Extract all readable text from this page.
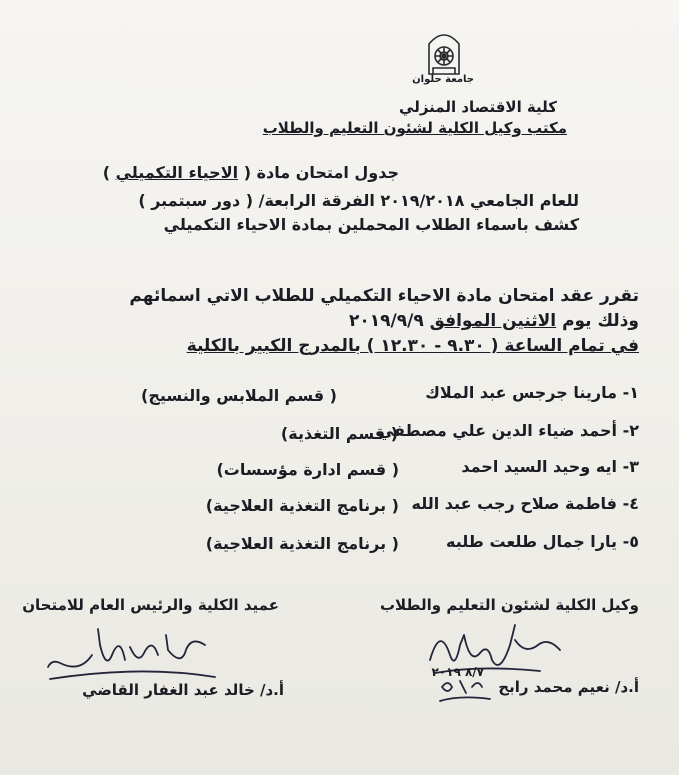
جامعة حلوان
كلية الاقتصاد المنزلي
مكتب وكيل الكلية لشئون التعليم والطلاب
جدول امتحان مادة ( الاحياء التكميلي )
للعام الجامعي ٢٠١٩/٢٠١٨ الفرقة الرابعة/ ( دور سبتمبر )
كشف باسماء الطلاب المحملين بمادة الاحياء التكميلي
تقرر عقد امتحان مادة الاحياء التكميلي للطلاب الاتي اسمائهم
وذلك يوم الاثنين الموافق ٢٠١٩/٩/٩
في تمام الساعة ( ٩.٣٠ - ١٢.٣٠ ) بالمدرج الكبير بالكلية
١- مارينا جرجس عبد الملاك
( قسم الملابس والنسيج)
٢- أحمد ضياء الدين علي مصطفي
( قسم التغذية)
٣- ايه وحيد السيد احمد
( قسم ادارة مؤسسات)
٤- فاطمة صلاح رجب عبد الله
( برنامج التغذية العلاجية)
٥- يارا جمال طلعت طلبه
( برنامج التغذية العلاجية)
وكيل الكلية لشئون التعليم والطلاب
عميد الكلية والرئيس العام للامتحان
٨/٧ ٢٠١٩
أ.د/ نعيم محمد رابح
أ.د/ خالد عبد الغفار القاضي
